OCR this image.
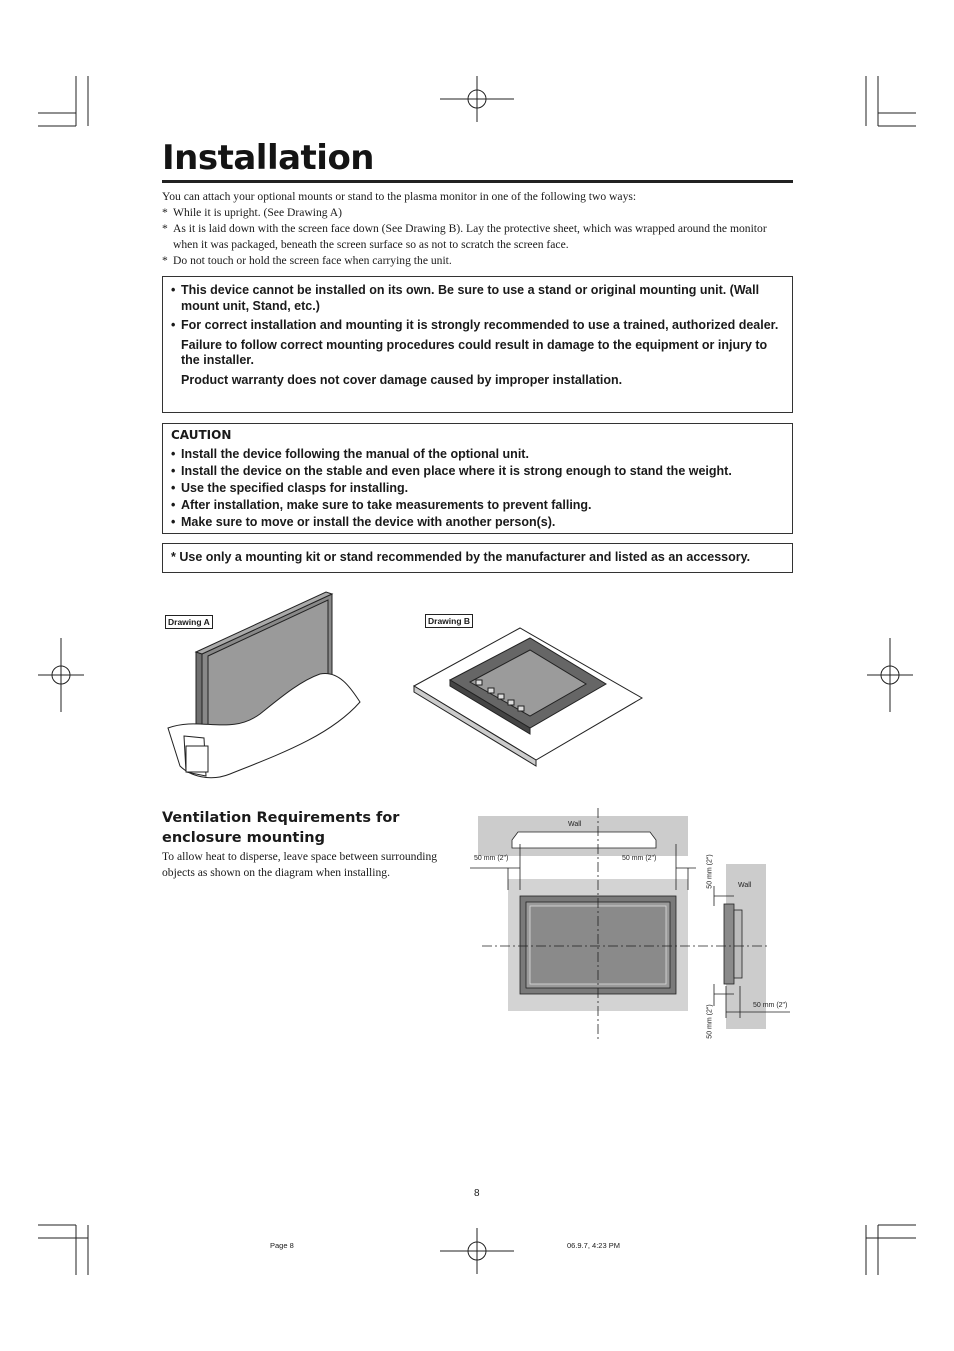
Installation

You can attach your optional mounts or stand to the plasma monitor in one of the following two ways:

* While it is upright. (See Drawing A)

* As it is laid down with the screen face down (See Drawing B). Lay the protective sheet, which was wrapped around the monitor when it was packaged, beneath the screen surface so as not to scratch the screen face.

* Do not touch or hold the screen face when carrying the unit.

• This device cannot be installed on its own. Be sure to use a stand or original mounting unit. (Wall mount unit, Stand, etc.)
• For correct installation and mounting it is strongly recommended to use a trained, authorized dealer.
Failure to follow correct mounting procedures could result in damage to the equipment or injury to the installer.
Product warranty does not cover damage caused by improper installation.
CAUTION
• Install the device following the manual of the optional unit.
• Install the device on the stable and even place where it is strong enough to stand the weight.
• Use the specified clasps for installing.
• After installation, make sure to take measurements to prevent falling.
• Make sure to move or install the device with another person(s).
* Use only a mounting kit or stand recommended by the manufacturer and listed as an accessory.
Drawing A	Drawing B
Ventilation Requirements for
enclosure mounting
To allow heat to disperse, leave space between surrounding objects as shown on the diagram when installing.
Wall
Wall
50 mm (2")	50 mm (2")
50 mm (2")
50 mm (2")
50 mm (2")
8
Page 8	06.9.7, 4:23 PM
